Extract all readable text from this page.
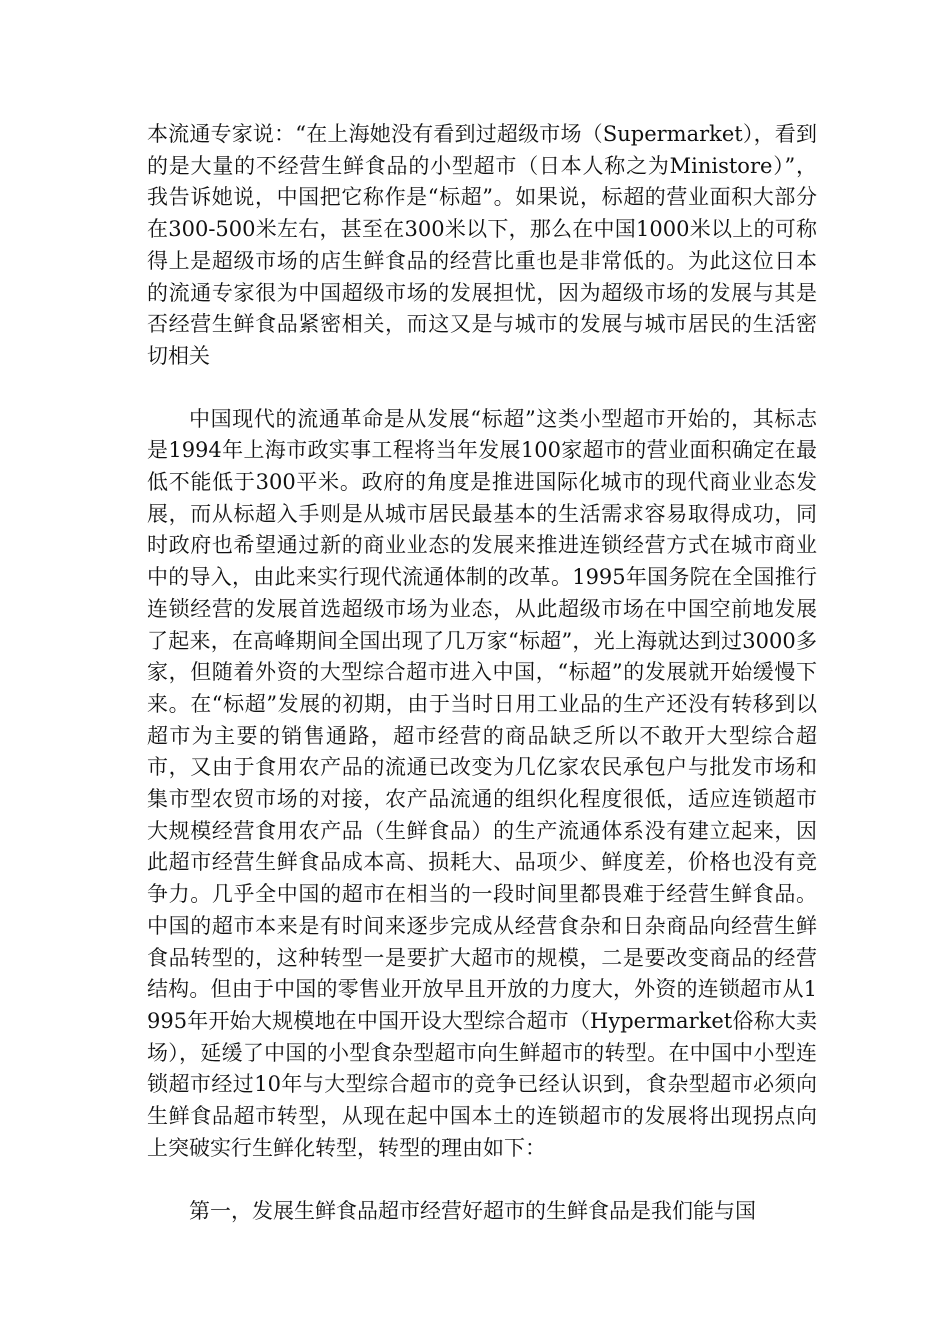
本流通专家说：“在上海她没有看到过超级市场（Supermarket），看到的是大量的不经营生鲜食品的小型超市（日本人称之为Ministore）”，我告诉她说，中国把它称作是“标超”。如果说，标超的营业面积大部分在300-500米左右，甚至在300米以下，那么在中国1000米以上的可称得上是超级市场的店生鲜食品的经营比重也是非常低的。为此这位日本的流通专家很为中国超级市场的发展担忧，因为超级市场的发展与其是否经营生鲜食品紧密相关，而这又是与城市的发展与城市居民的生活密切相关

中国现代的流通革命是从发展“标超”这类小型超市开始的，其标志是1994年上海市政实事工程将当年发展100家超市的营业面积确定在最低不能低于300平米。政府的角度是推进国际化城市的现代商业业态发展，而从标超入手则是从城市居民最基本的生活需求容易取得成功，同时政府也希望通过新的商业业态的发展来推进连锁经营方式在城市商业中的导入，由此来实行现代流通体制的改革。1995年国务院在全国推行连锁经营的发展首选超级市场为业态，从此超级市场在中国空前地发展了起来，在高峰期间全国出现了几万家“标超”，光上海就达到过3000多家，但随着外资的大型综合超市进入中国，“标超”的发展就开始缓慢下来。在“标超”发展的初期，由于当时日用工业品的生产还没有转移到以超市为主要的销售通路，超市经营的商品缺乏所以不敢开大型综合超市，又由于食用农产品的流通已改变为几亿家农民承包户与批发市场和集市型农贸市场的对接，农产品流通的组织化程度很低，适应连锁超市大规模经营食用农产品（生鲜食品）的生产流通体系没有建立起来，因此超市经营生鲜食品成本高、损耗大、品项少、鲜度差，价格也没有竞争力。几乎全中国的超市在相当的一段时间里都畏难于经营生鲜食品。中国的超市本来是有时间来逐步完成从经营食杂和日杂商品向经营生鲜食品转型的，这种转型一是要扩大超市的规模，二是要改变商品的经营结构。但由于中国的零售业开放早且开放的力度大，外资的连锁超市从1995年开始大规模地在中国开设大型综合超市（Hypermarket俗称大卖场），延缓了中国的小型食杂型超市向生鲜超市的转型。在中国中小型连锁超市经过10年与大型综合超市的竞争已经认识到，食杂型超市必须向生鲜食品超市转型，从现在起中国本土的连锁超市的发展将出现拐点向上突破实行生鲜化转型，转型的理由如下：

第一，发展生鲜食品超市经营好超市的生鲜食品是我们能与国
